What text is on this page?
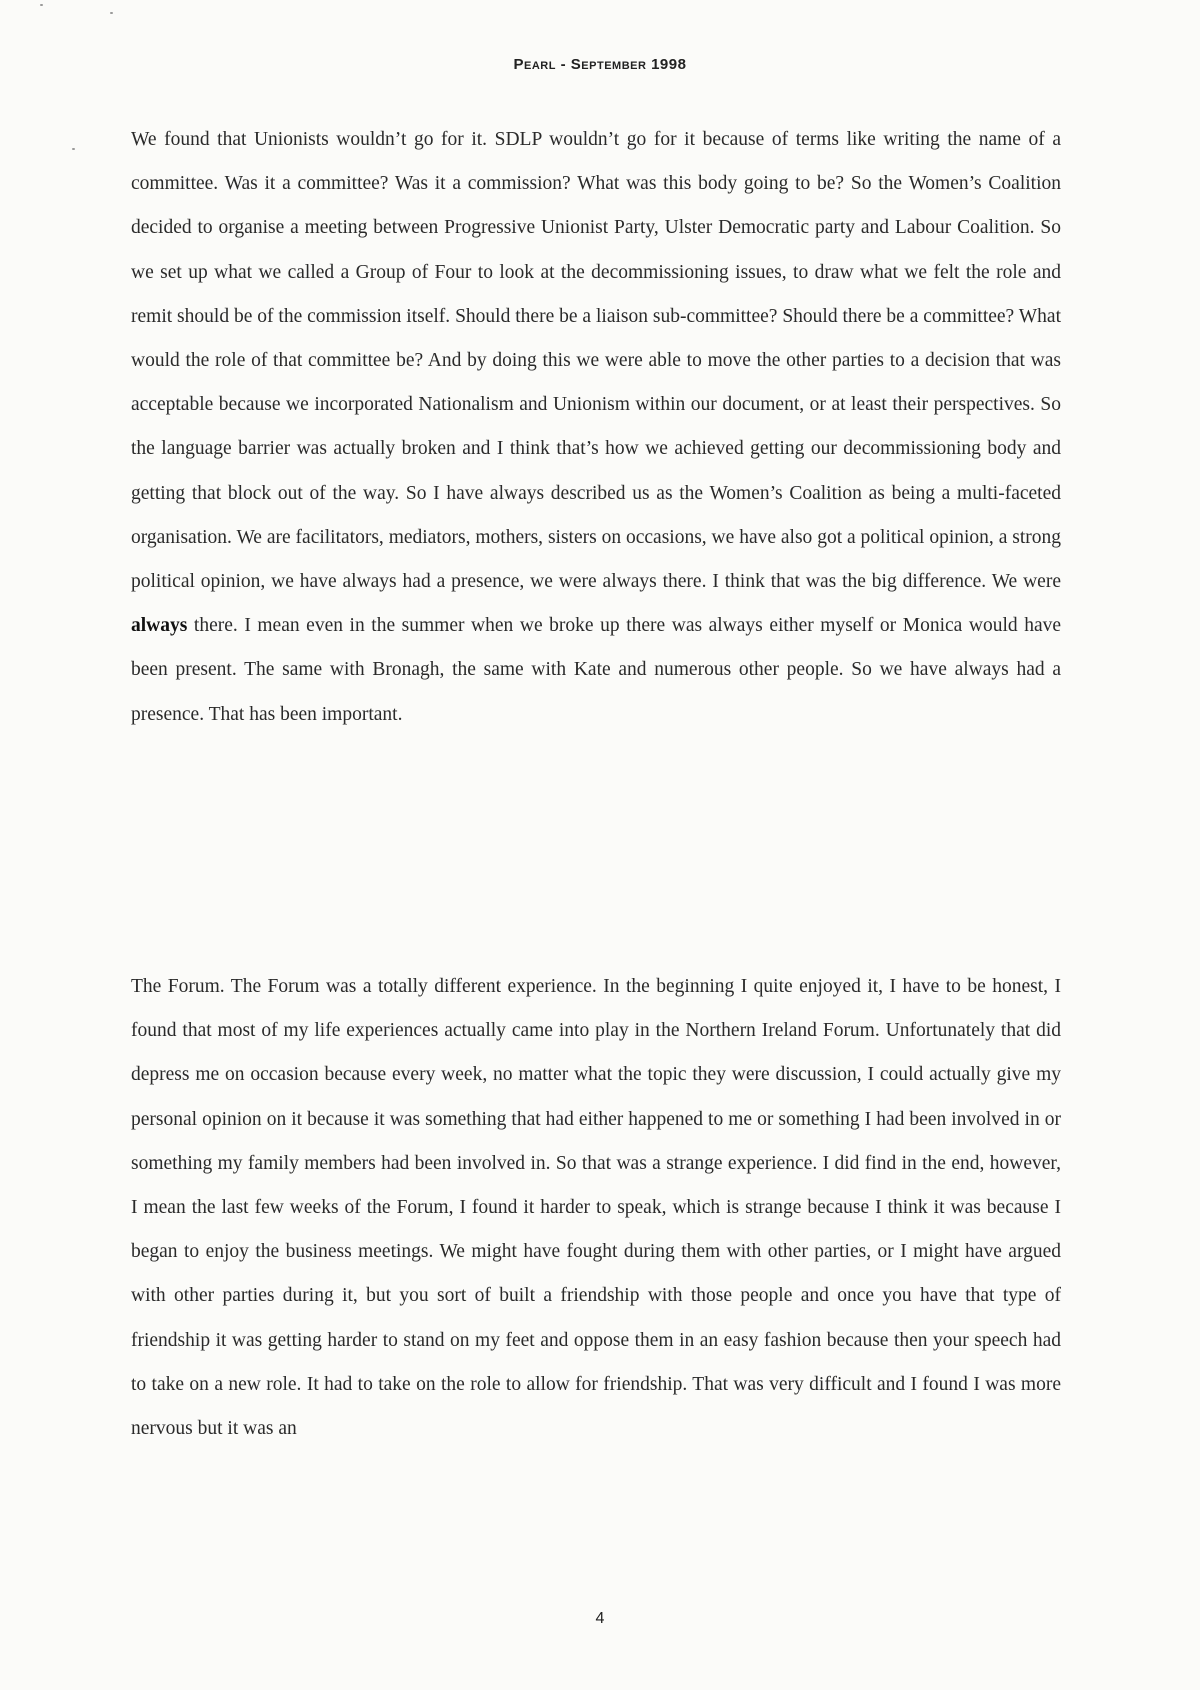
Pearl - September 1998

We found that Unionists wouldn’t go for it. SDLP wouldn’t go for it because of terms like writing the name of a committee. Was it a committee? Was it a commission? What was this body going to be? So the Women’s Coalition decided to organise a meeting between Progressive Unionist Party, Ulster Democratic party and Labour Coalition. So we set up what we called a Group of Four to look at the decommissioning issues, to draw what we felt the role and remit should be of the commission itself. Should there be a liaison sub-committee? Should there be a committee? What would the role of that committee be? And by doing this we were able to move the other parties to a decision that was acceptable because we incorporated Nationalism and Unionism within our document, or at least their perspectives. So the language barrier was actually broken and I think that’s how we achieved getting our decommissioning body and getting that block out of the way. So I have always described us as the Women’s Coalition as being a multi-faceted organisation. We are facilitators, mediators, mothers, sisters on occasions, we have also got a political opinion, a strong political opinion, we have always had a presence, we were always there. I think that was the big difference. We were always there. I mean even in the summer when we broke up there was always either myself or Monica would have been present. The same with Bronagh, the same with Kate and numerous other people. So we have always had a presence. That has been important.

The Forum. The Forum was a totally different experience. In the beginning I quite enjoyed it, I have to be honest, I found that most of my life experiences actually came into play in the Northern Ireland Forum. Unfortunately that did depress me on occasion because every week, no matter what the topic they were discussion, I could actually give my personal opinion on it because it was something that had either happened to me or something I had been involved in or something my family members had been involved in. So that was a strange experience. I did find in the end, however, I mean the last few weeks of the Forum, I found it harder to speak, which is strange because I think it was because I began to enjoy the business meetings. We might have fought during them with other parties, or I might have argued with other parties during it, but you sort of built a friendship with those people and once you have that type of friendship it was getting harder to stand on my feet and oppose them in an easy fashion because then your speech had to take on a new role. It had to take on the role to allow for friendship. That was very difficult and I found I was more nervous but it was an

4
